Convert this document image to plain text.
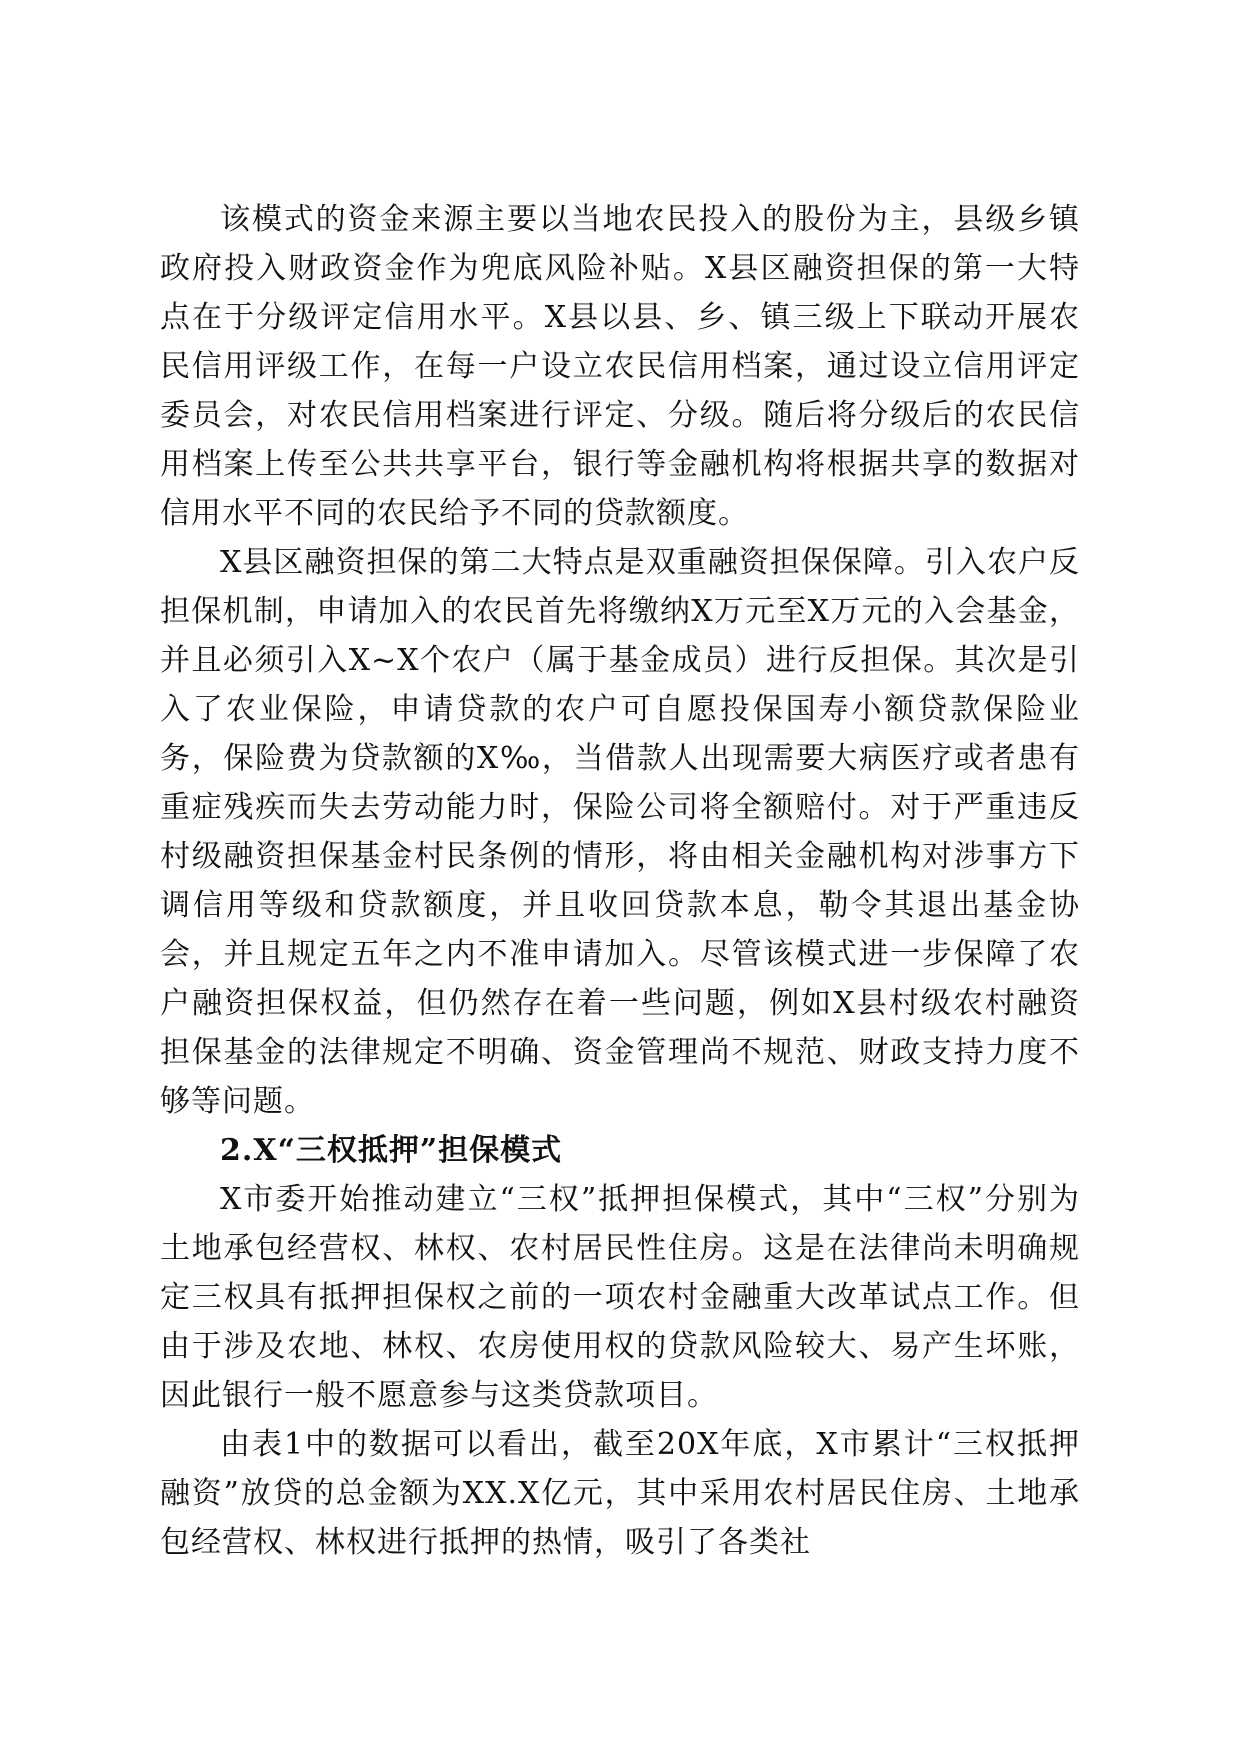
该模式的资金来源主要以当地农民投入的股份为主，县级乡镇政府投入财政资金作为兜底风险补贴。X县区融资担保的第一大特点在于分级评定信用水平。X县以县、乡、镇三级上下联动开展农民信用评级工作，在每一户设立农民信用档案，通过设立信用评定委员会，对农民信用档案进行评定、分级。随后将分级后的农民信用档案上传至公共共享平台，银行等金融机构将根据共享的数据对信用水平不同的农民给予不同的贷款额度。

X县区融资担保的第二大特点是双重融资担保保障。引入农户反担保机制，申请加入的农民首先将缴纳X万元至X万元的入会基金，并且必须引入X~X个农户（属于基金成员）进行反担保。其次是引入了农业保险，申请贷款的农户可自愿投保国寿小额贷款保险业务，保险费为贷款额的X‰，当借款人出现需要大病医疗或者患有重症残疾而失去劳动能力时，保险公司将全额赔付。对于严重违反村级融资担保基金村民条例的情形，将由相关金融机构对涉事方下调信用等级和贷款额度，并且收回贷款本息，勒令其退出基金协会，并且规定五年之内不准申请加入。尽管该模式进一步保障了农户融资担保权益，但仍然存在着一些问题，例如X县村级农村融资担保基金的法律规定不明确、资金管理尚不规范、财政支持力度不够等问题。

2.X“三权抵押”担保模式

X市委开始推动建立“三权”抵押担保模式，其中“三权”分别为土地承包经营权、林权、农村居民性住房。这是在法律尚未明确规定三权具有抵押担保权之前的一项农村金融重大改革试点工作。但由于涉及农地、林权、农房使用权的贷款风险较大、易产生坏账，因此银行一般不愿意参与这类贷款项目。

由表1中的数据可以看出，截至20X年底，X市累计“三权抵押融资”放贷的总金额为XX.X亿元，其中采用农村居民住房、土地承包经营权、林权进行抵押的热情，吸引了各类社
